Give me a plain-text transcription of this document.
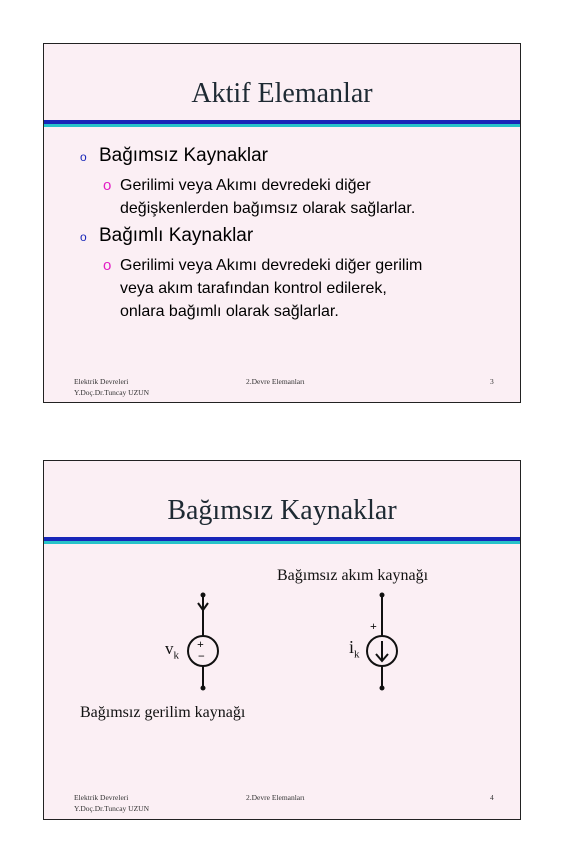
Aktif Elemanlar
o Bağımsız Kaynaklar
o Gerilimi veya Akımı devredeki diğer
değişkenlerden bağımsız olarak sağlarlar.
o Bağımlı Kaynaklar
o Gerilimi veya Akımı devredeki diğer gerilim
veya akım tarafından kontrol edilerek,
onlara bağımlı olarak sağlarlar.
Elektrik Devreleri
Y.Doç.Dr.Tuncay UZUN
2.Devre Elemanları	3
Bağımsız Kaynaklar
Bağımsız akım kaynağı
Bağımsız gerilim kaynağı
+
−
$v_k$
+
$i_k$
Elektrik Devreleri
Y.Doç.Dr.Tuncay UZUN
2.Devre Elemanları	4
